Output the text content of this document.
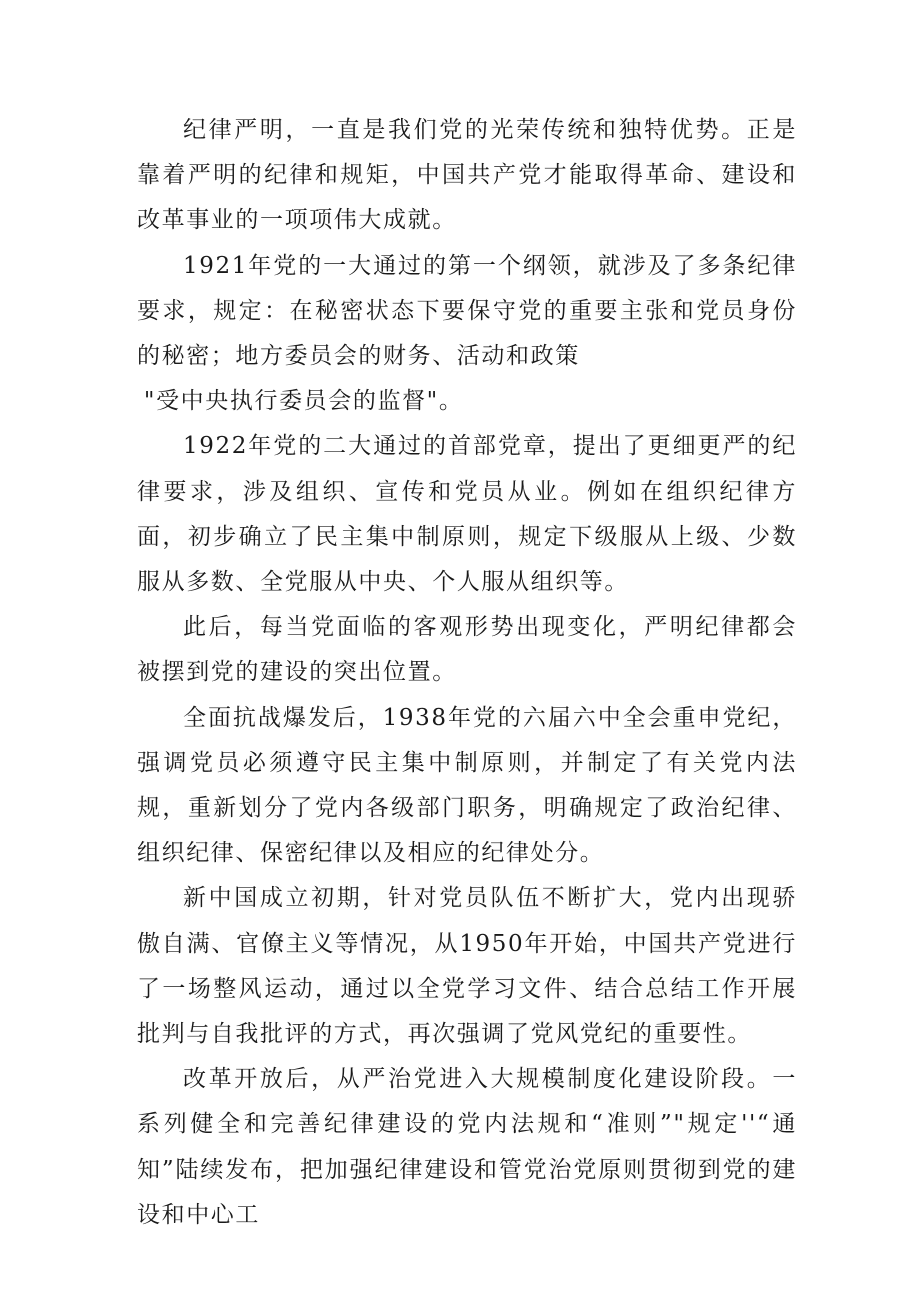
纪律严明，一直是我们党的光荣传统和独特优势。正是靠着严明的纪律和规矩，中国共产党才能取得革命、建设和改革事业的一项项伟大成就。

1921年党的一大通过的第一个纲领，就涉及了多条纪律要求，规定：在秘密状态下要保守党的重要主张和党员身份的秘密；地方委员会的财务、活动和政策
"受中央执行委员会的监督"。

1922年党的二大通过的首部党章，提出了更细更严的纪律要求，涉及组织、宣传和党员从业。例如在组织纪律方面，初步确立了民主集中制原则，规定下级服从上级、少数服从多数、全党服从中央、个人服从组织等。

此后，每当党面临的客观形势出现变化，严明纪律都会被摆到党的建设的突出位置。

全面抗战爆发后，1938年党的六届六中全会重申党纪，强调党员必须遵守民主集中制原则，并制定了有关党内法规，重新划分了党内各级部门职务，明确规定了政治纪律、组织纪律、保密纪律以及相应的纪律处分。

新中国成立初期，针对党员队伍不断扩大，党内出现骄傲自满、官僚主义等情况，从1950年开始，中国共产党进行了一场整风运动，通过以全党学习文件、结合总结工作开展批判与自我批评的方式，再次强调了党风党纪的重要性。

改革开放后，从严治党进入大规模制度化建设阶段。一系列健全和完善纪律建设的党内法规和“准则”"规定''“通知”陆续发布，把加强纪律建设和管党治党原则贯彻到党的建设和中心工
